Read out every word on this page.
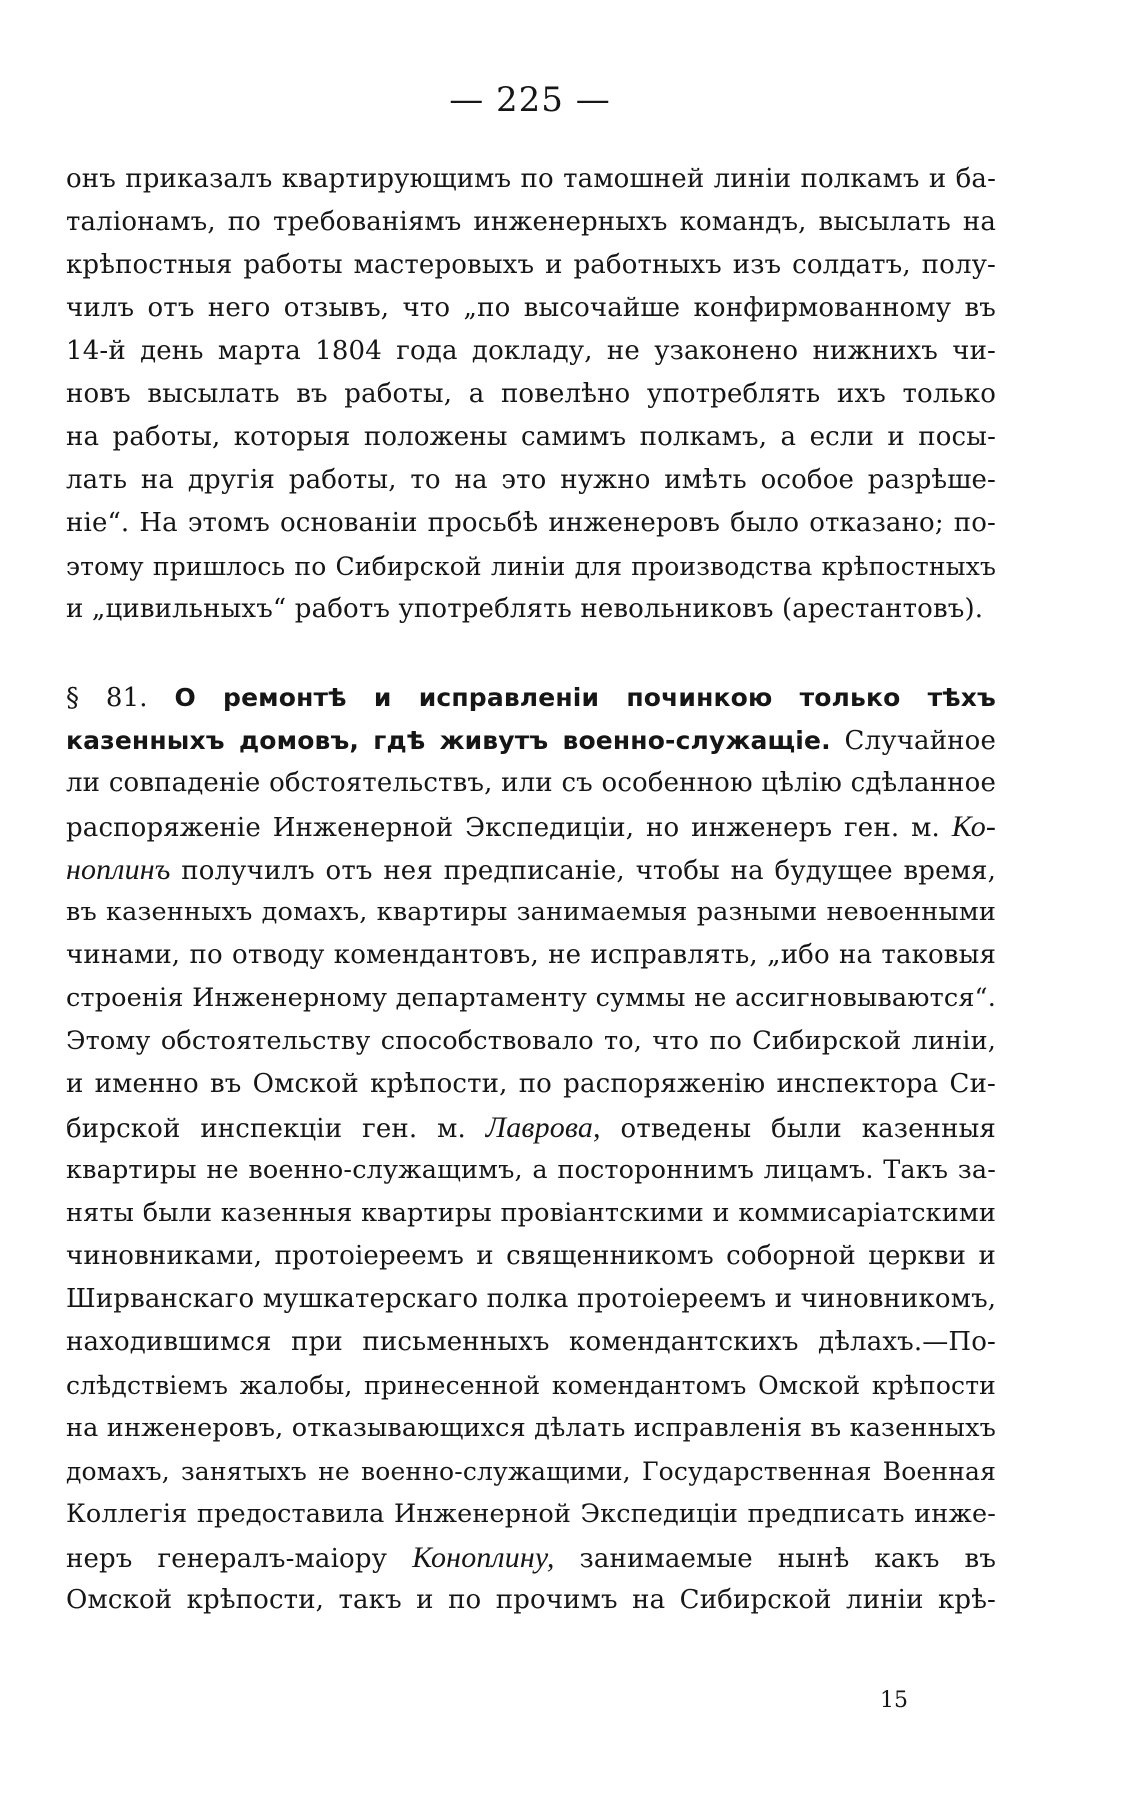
— 225 —
онъ приказалъ квартирующимъ по тамошней линіи полкамъ и ба-
таліонамъ, по требованіямъ инженерныхъ командъ, высылать на
крѣпостныя работы мастеровыхъ и работныхъ изъ солдатъ, полу-
чилъ отъ него отзывъ, что „по высочайше конфирмованному въ
14-й день марта 1804 года докладу, не узаконено нижнихъ чи-
новъ высылать въ работы, а повелѣно употреблять ихъ только
на работы, которыя положены самимъ полкамъ, а если и посы-
лать на другія работы, то на это нужно имѣть особое разрѣше-
ніе“. На этомъ основаніи просьбѣ инженеровъ было отказано; по-
этому пришлось по Сибирской линіи для производства крѣпостныхъ
и „цивильныхъ“ работъ употреблять невольниковъ (арестантовъ).
§ 81. О ремонтѣ и исправленіи починкою только тѣхъ
казенныхъ домовъ, гдѣ живутъ военно-служащіе. Случайное
ли совпаденіе обстоятельствъ, или съ особенною цѣлію сдѣланное
распоряженіе Инженерной Экспедиціи, но инженеръ ген. м. Ко-
ноплинъ получилъ отъ нея предписаніе, чтобы на будущее время,
въ казенныхъ домахъ, квартиры занимаемыя разными невоенными
чинами, по отводу комендантовъ, не исправлять, „ибо на таковыя
строенія Инженерному департаменту суммы не ассигновываются“.
Этому обстоятельству способствовало то, что по Сибирской линіи,
и именно въ Омской крѣпости, по распоряженію инспектора Си-
бирской инспекціи ген. м. Лаврова, отведены были казенныя
квартиры не военно-служащимъ, а постороннимъ лицамъ. Такъ за-
няты были казенныя квартиры провіантскими и коммисаріатскими
чиновниками, протоіереемъ и священникомъ соборной церкви и
Ширванскаго мушкатерскаго полка протоіереемъ и чиновникомъ,
находившимся при письменныхъ комендантскихъ дѣлахъ.—По-
слѣдствіемъ жалобы, принесенной комендантомъ Омской крѣпости
на инженеровъ, отказывающихся дѣлать исправленія въ казенныхъ
домахъ, занятыхъ не военно-служащими, Государственная Военная
Коллегія предоставила Инженерной Экспедиціи предписать инже-
неръ генералъ-маіору Коноплину, занимаемые нынѣ какъ въ
Омской крѣпости, такъ и по прочимъ на Сибирской линіи крѣ-
15
